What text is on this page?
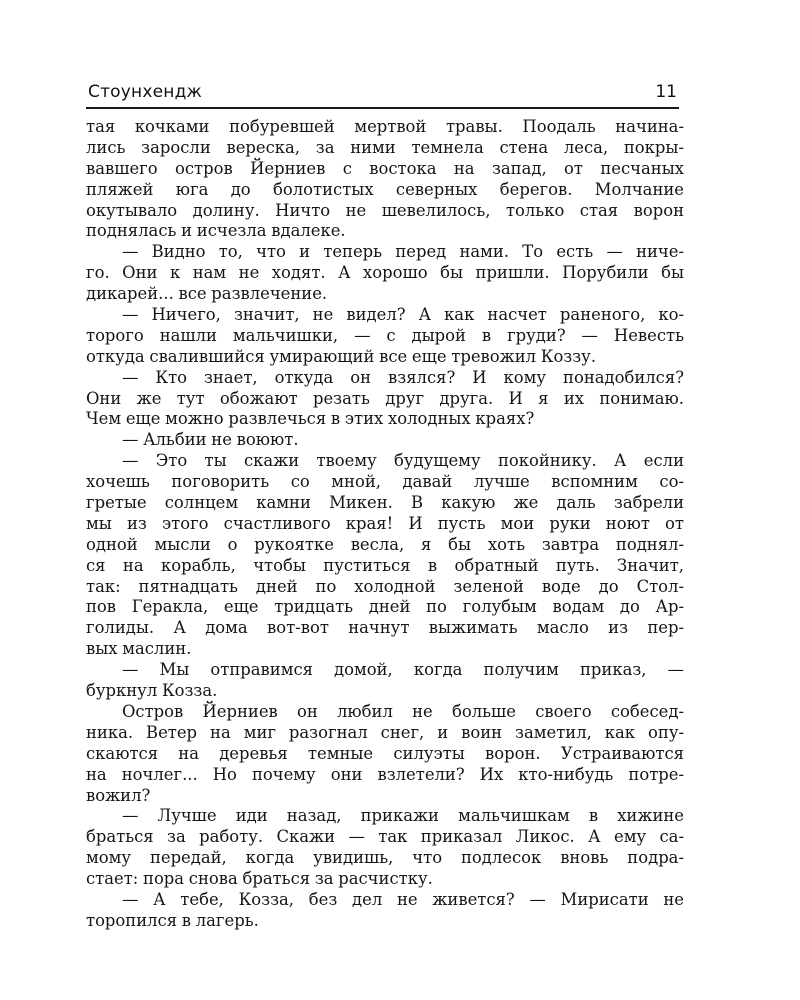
Стоунхендж	11
тая кочками побуревшей мертвой травы. Поодаль начина-
лись заросли вереска, за ними темнела стена леса, покры-
вавшего остров Йерниев с востока на запад, от песчаных
пляжей юга до болотистых северных берегов. Молчание
окутывало долину. Ничто не шевелилось, только стая ворон
поднялась и исчезла вдалеке.
— Видно то, что и теперь перед нами. То есть — ниче-
го. Они к нам не ходят. А хорошо бы пришли. Порубили бы
дикарей... все развлечение.
— Ничего, значит, не видел? А как насчет раненого, ко-
торого нашли мальчишки, — с дырой в груди? — Невесть
откуда свалившийся умирающий все еще тревожил Коззу.
— Кто знает, откуда он взялся? И кому понадобился?
Они же тут обожают резать друг друга. И я их понимаю.
Чем еще можно развлечься в этих холодных краях?
— Альбии не воюют.
— Это ты скажи твоему будущему покойнику. А если
хочешь поговорить со мной, давай лучше вспомним со-
гретые солнцем камни Микен. В какую же даль забрели
мы из этого счастливого края! И пусть мои руки ноют от
одной мысли о рукоятке весла, я бы хоть завтра поднял-
ся на корабль, чтобы пуститься в обратный путь. Значит,
так: пятнадцать дней по холодной зеленой воде до Стол-
пов Геракла, еще тридцать дней по голубым водам до Ар-
голиды. А дома вот-вот начнут выжимать масло из пер-
вых маслин.
— Мы отправимся домой, когда получим приказ, —
буркнул Козза.
Остров Йерниев он любил не больше своего собесед-
ника. Ветер на миг разогнал снег, и воин заметил, как опу-
скаются на деревья темные силуэты ворон. Устраиваются
на ночлег... Но почему они взлетели? Их кто-нибудь потре-
вожил?
— Лучше иди назад, прикажи мальчишкам в хижине
браться за работу. Скажи — так приказал Ликос. А ему са-
мому передай, когда увидишь, что подлесок вновь подра-
стает: пора снова браться за расчистку.
— А тебе, Козза, без дел не живется? — Мирисати не
торопился в лагерь.
